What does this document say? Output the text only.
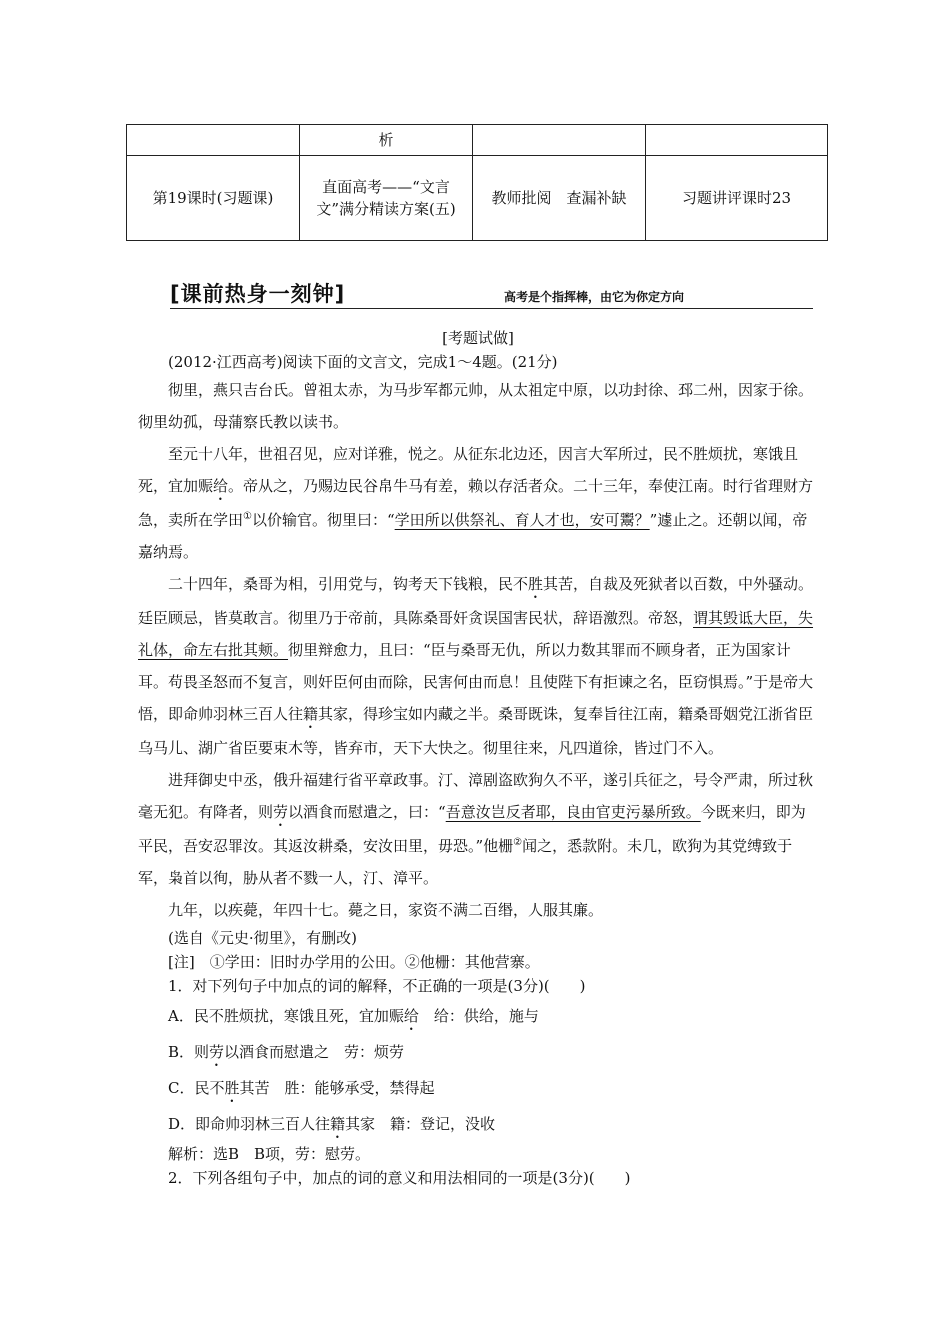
	析		
第19课时(习题课)	直面高考——“文言文”满分精读方案(五)	教师批阅　查漏补缺	习题讲评课时23
[课前热身一刻钟]	高考是个指挥棒，由它为你定方向

[考题试做]

(2012·江西高考)阅读下面的文言文，完成1～4题。(21分)

彻里，燕只吉台氏。曾祖太赤，为马步军都元帅，从太祖定中原，以功封徐、邳二州，因家于徐。彻里幼孤，母蒲察氏教以读书。

至元十八年，世祖召见，应对详雅，悦之。从征东北边还，因言大军所过，民不胜烦扰，寒饿且死，宜加赈给。帝从之，乃赐边民谷帛牛马有差，赖以存活者众。二十三年，奉使江南。时行省理财方急，卖所在学田①以价输官。彻里曰：“学田所以供祭礼、育人才也，安可鬻？”遽止之。还朝以闻，帝嘉纳焉。

二十四年，桑哥为相，引用党与，钩考天下钱粮，民不胜其苦，自裁及死狱者以百数，中外骚动。廷臣顾忌，皆莫敢言。彻里乃于帝前，具陈桑哥奸贪误国害民状，辞语激烈。帝怒，谓其毁诋大臣，失礼体，命左右批其颊。彻里辩愈力，且曰：“臣与桑哥无仇，所以力数其罪而不顾身者，正为国家计耳。苟畏圣怒而不复言，则奸臣何由而除，民害何由而息！且使陛下有拒谏之名，臣窃惧焉。”于是帝大悟，即命帅羽林三百人往籍其家，得珍宝如内藏之半。桑哥既诛，复奉旨往江南，籍桑哥姻党江浙省臣乌马儿、湖广省臣要束木等，皆弃市，天下大快之。彻里往来，凡四道徐，皆过门不入。

进拜御史中丞，俄升福建行省平章政事。汀、漳剧盗欧狗久不平，遂引兵征之，号令严肃，所过秋毫无犯。有降者，则劳以酒食而慰遣之，曰：“吾意汝岂反者耶，良由官吏污暴所致。今既来归，即为平民，吾安忍罪汝。其返汝耕桑，安汝田里，毋恐。”他栅②闻之，悉款附。未几，欧狗为其党缚致于军，枭首以徇，胁从者不戮一人，汀、漳平。

九年，以疾薨，年四十七。薨之日，家资不满二百缗，人服其廉。

(选自《元史·彻里》，有删改)

[注]　①学田：旧时办学用的公田。②他栅：其他营寨。

1．对下列句子中加点的词的解释，不正确的一项是(3分)(　　)

A．民不胜烦扰，寒饿且死，宜加赈给　给：供给，施与

B．则劳以酒食而慰遣之　劳：烦劳

C．民不胜其苦　胜：能够承受，禁得起

D．即命帅羽林三百人往籍其家　籍：登记，没收

解析：选B　B项，劳：慰劳。

2．下列各组句子中，加点的词的意义和用法相同的一项是(3分)(　　)
